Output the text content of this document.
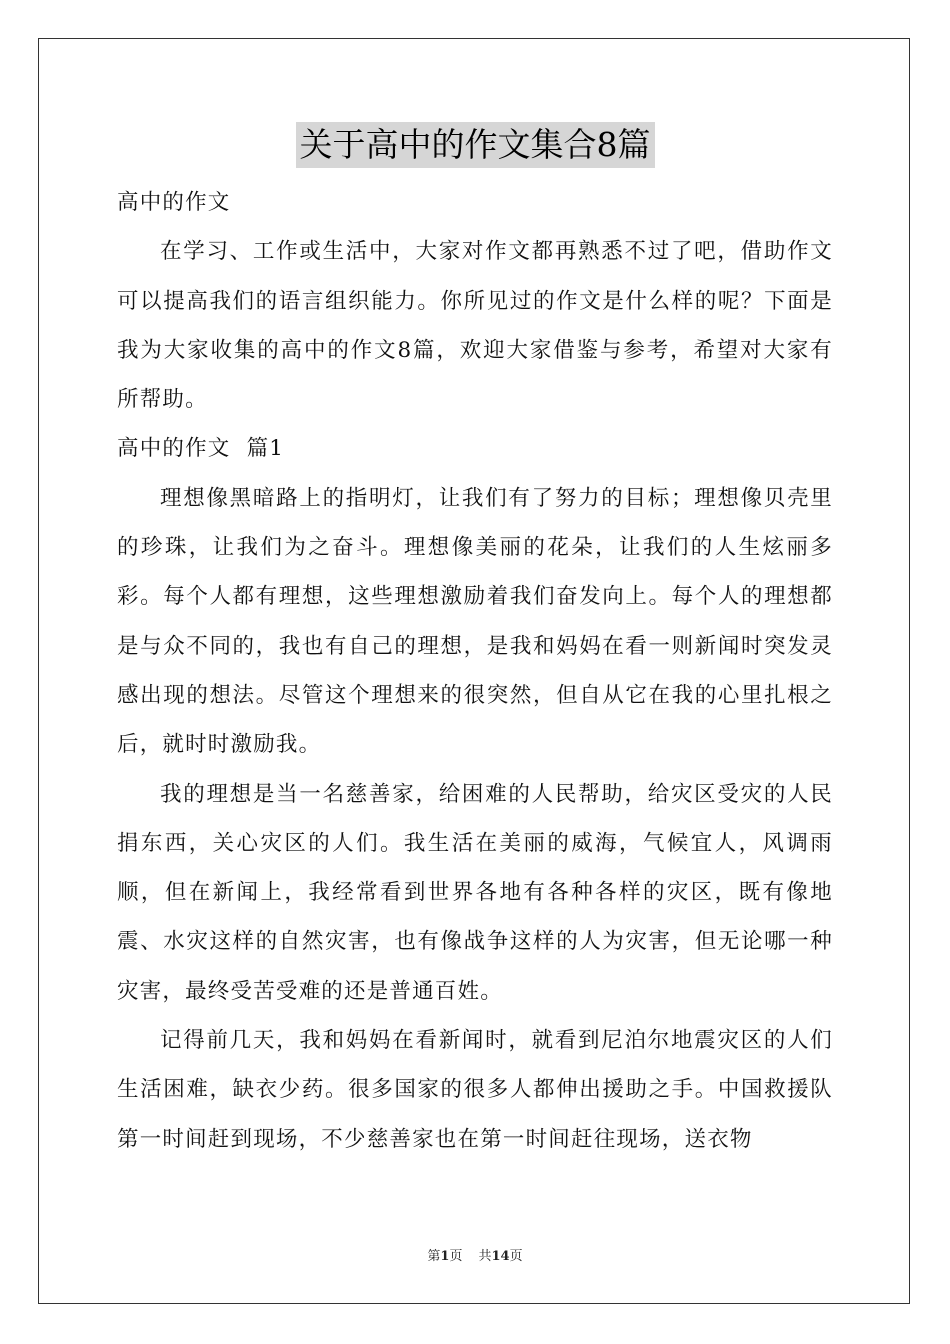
关于高中的作文集合8篇

高中的作文

在学习、工作或生活中，大家对作文都再熟悉不过了吧，借助作文可以提高我们的语言组织能力。你所见过的作文是什么样的呢？下面是我为大家收集的高中的作文8篇，欢迎大家借鉴与参考，希望对大家有所帮助。

高中的作文  篇1

理想像黑暗路上的指明灯，让我们有了努力的目标；理想像贝壳里的珍珠，让我们为之奋斗。理想像美丽的花朵，让我们的人生炫丽多彩。每个人都有理想，这些理想激励着我们奋发向上。每个人的理想都是与众不同的，我也有自己的理想，是我和妈妈在看一则新闻时突发灵感出现的想法。尽管这个理想来的很突然，但自从它在我的心里扎根之后，就时时激励我。

我的理想是当一名慈善家，给困难的人民帮助，给灾区受灾的人民捐东西，关心灾区的人们。我生活在美丽的威海，气候宜人，风调雨顺，但在新闻上，我经常看到世界各地有各种各样的灾区，既有像地震、水灾这样的自然灾害，也有像战争这样的人为灾害，但无论哪一种灾害，最终受苦受难的还是普通百姓。

记得前几天，我和妈妈在看新闻时，就看到尼泊尔地震灾区的人们生活困难，缺衣少药。很多国家的很多人都伸出援助之手。中国救援队第一时间赶到现场，不少慈善家也在第一时间赶往现场，送衣物

第1页 共14页
